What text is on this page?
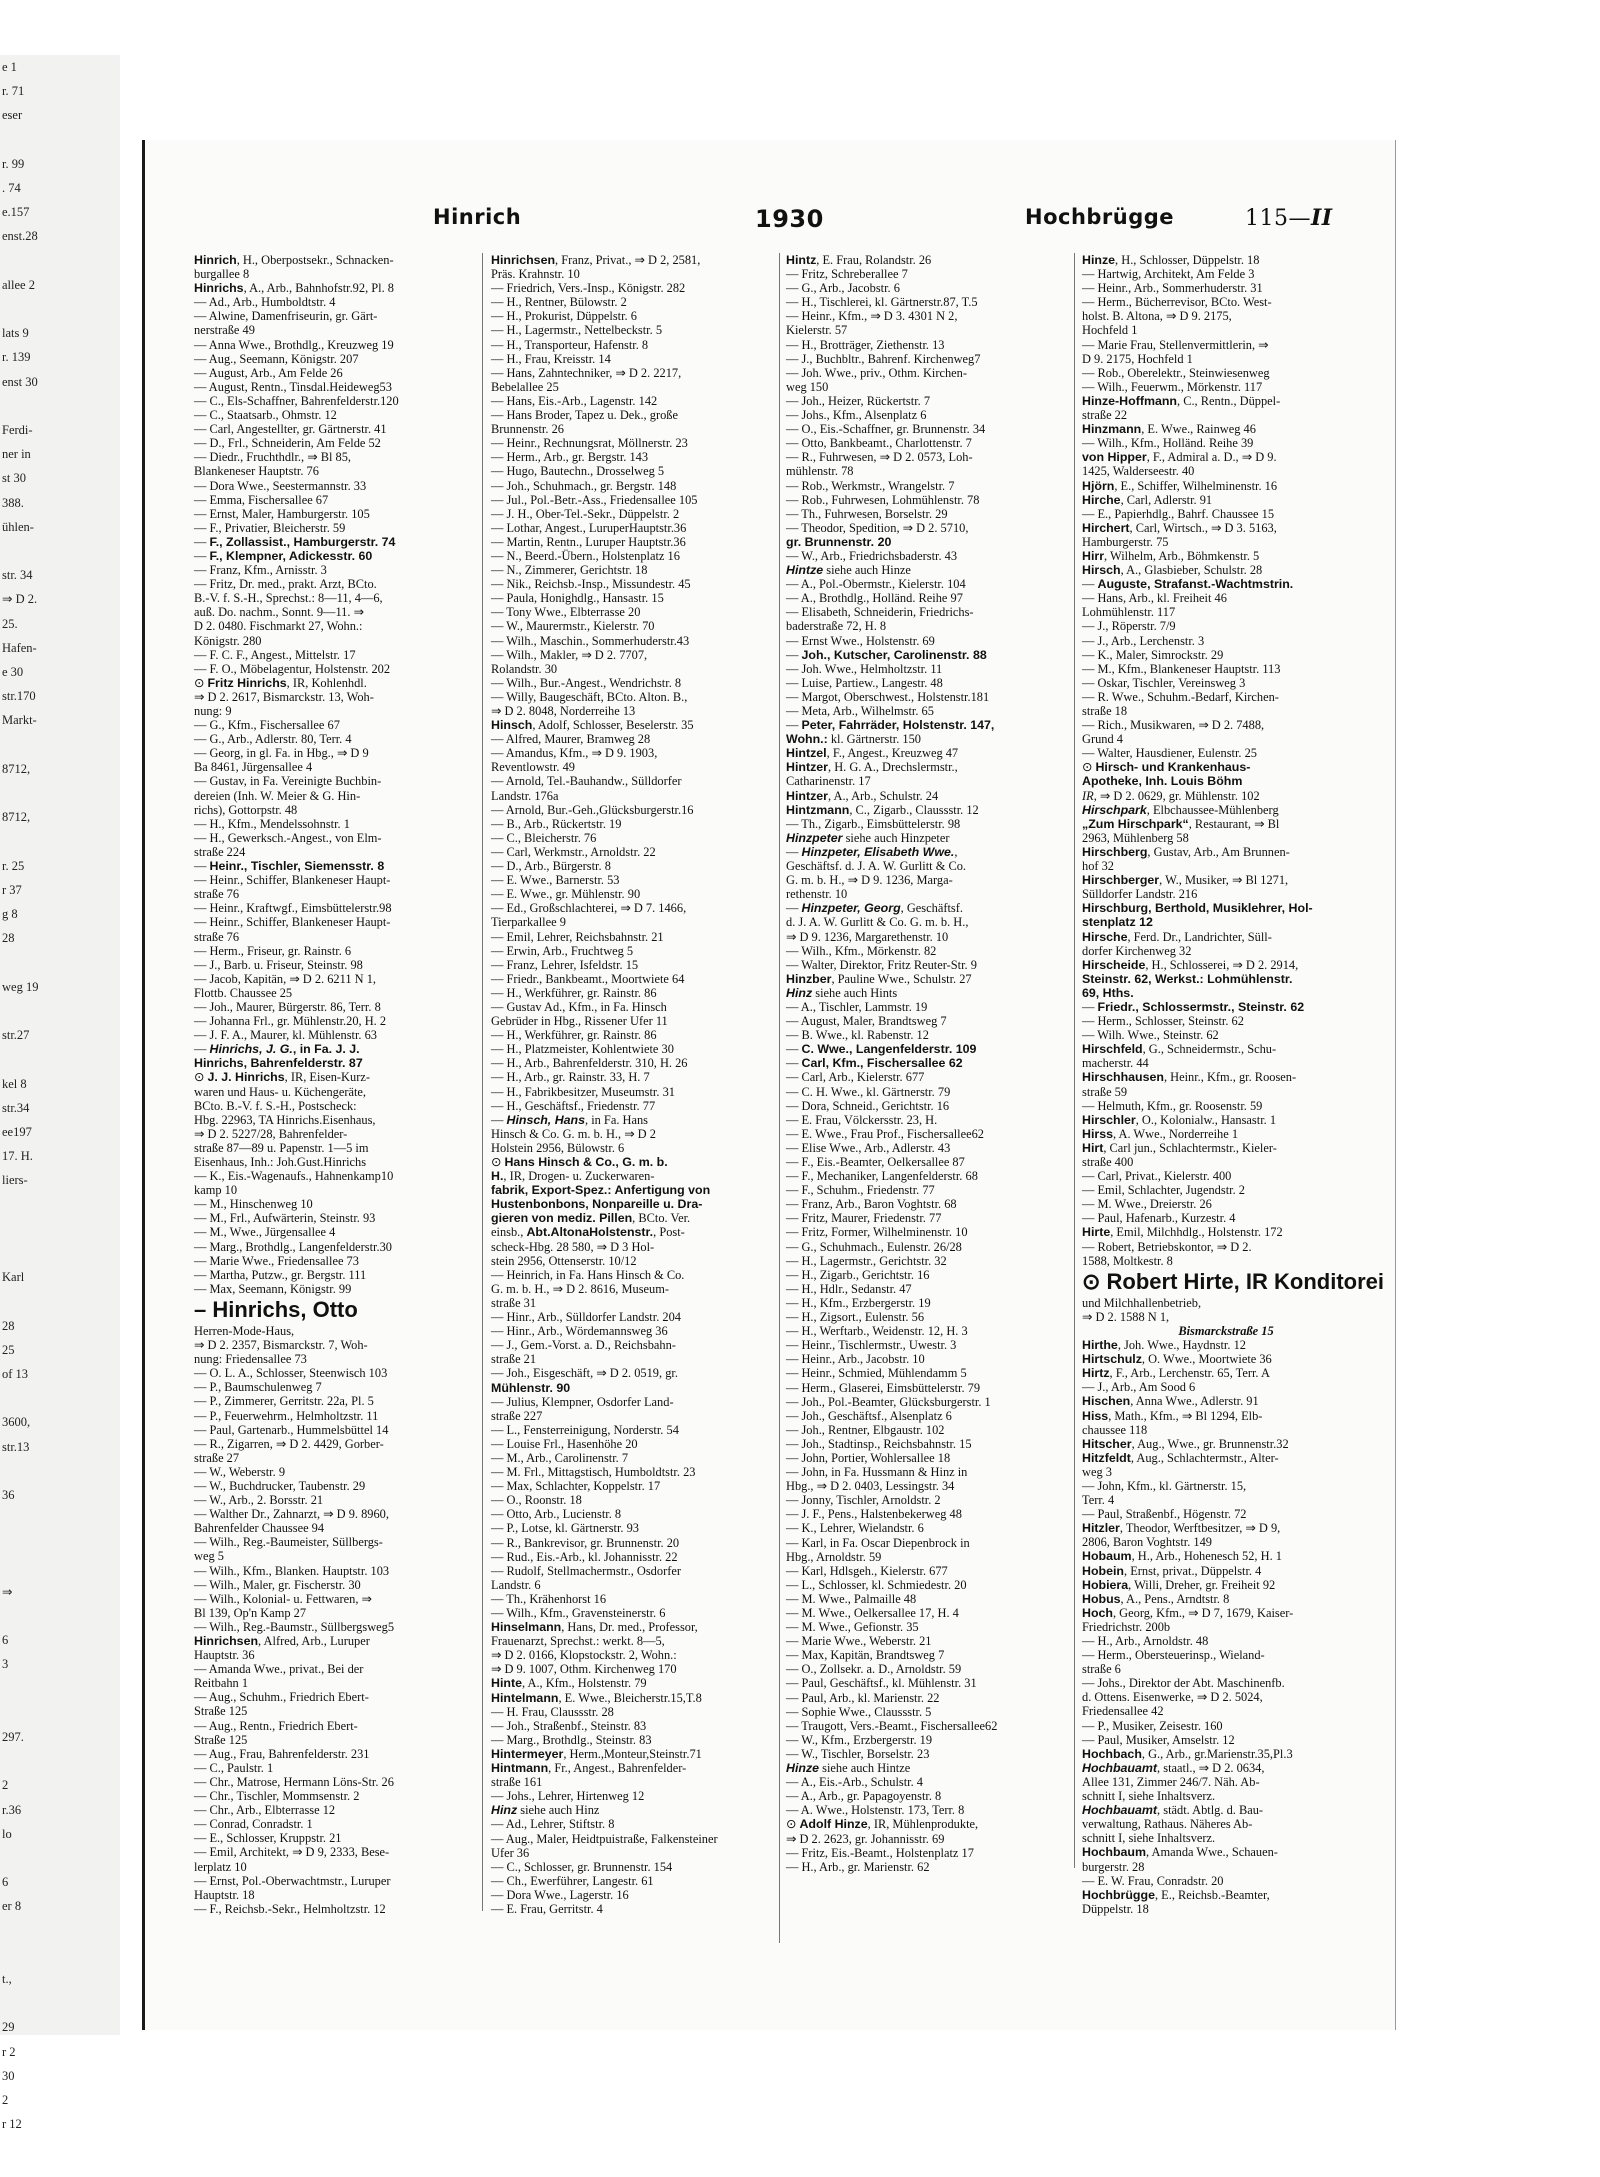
e 1
r. 71
eser

r. 99
. 74
e.157
enst.28

allee 2

lats 9
r. 139
enst 30

Ferdi-
ner in
st 30
388.
ühlen-

str. 34
⇒ D 2.
25.
Hafen-
e 30
str.170
Markt-

8712,

8712,

r. 25
r 37
g 8
28

weg 19

str.27

kel 8
str.34
ee197
17. H.
liers-

Karl

28
25
of 13

3600,
str.13

36

⇒

6
3

297.

2
r.36
lo

6
er 8

t.,

29
r 2
30
2
r 12
Hinrich	1930	Hochbrügge	115—II
Hinrich, H., Oberpostsekr., Schnacken-
burgallee 8
Hinrichs, A., Arb., Bahnhofstr.92, Pl. 8
— Ad., Arb., Humboldtstr. 4
— Alwine, Damenfriseurin, gr. Gärt-
nerstraße 49
— Anna Wwe., Brothdlg., Kreuzweg 19
— Aug., Seemann, Königstr. 207
— August, Arb., Am Felde 26
— August, Rentn., Tinsdal.Heideweg53
— C., Els-Schaffner, Bahrenfelderstr.120
— C., Staatsarb., Ohmstr. 12
— Carl, Angestellter, gr. Gärtnerstr. 41
— D., Frl., Schneiderin, Am Felde 52
— Diedr., Fruchthdlr., ⇒ Bl 85,
Blankeneser Hauptstr. 76
— Dora Wwe., Seestermannstr. 33
— Emma, Fischersallee 67
— Ernst, Maler, Hamburgerstr. 105
— F., Privatier, Bleicherstr. 59
— F., Zollassist., Hamburgerstr. 74
— F., Klempner, Adickesstr. 60
— Franz, Kfm., Arnisstr. 3
— Fritz, Dr. med., prakt. Arzt, BCto.
B.-V. f. S.-H., Sprechst.: 8—11, 4—6,
auß. Do. nachm., Sonnt. 9—11. ⇒
D 2. 0480. Fischmarkt 27, Wohn.:
Königstr. 280
— F. C. F., Angest., Mittelstr. 17
— F. O., Möbelagentur, Holstenstr. 202
⊙ Fritz Hinrichs, IR, Kohlenhdl.
⇒ D 2. 2617, Bismarckstr. 13, Woh-
nung: 9
— G., Kfm., Fischersallee 67
— G., Arb., Adlerstr. 80, Terr. 4
— Georg, in gl. Fa. in Hbg., ⇒ D 9
Ba 8461, Jürgensallee 4
— Gustav, in Fa. Vereinigte Buchbin-
dereien (Inh. W. Meier & G. Hin-
richs), Gottorpstr. 48
— H., Kfm., Mendelssohnstr. 1
— H., Gewerksch.-Angest., von Elm-
straße 224
— Heinr., Tischler, Siemensstr. 8
— Heinr., Schiffer, Blankeneser Haupt-
straße 76
— Heinr., Kraftwgf., Eimsbüttelerstr.98
— Heinr., Schiffer, Blankeneser Haupt-
straße 76
— Herm., Friseur, gr. Rainstr. 6
— J., Barb. u. Friseur, Steinstr. 98
— Jacob, Kapitän, ⇒ D 2. 6211 N 1,
Flottb. Chaussee 25
— Joh., Maurer, Bürgerstr. 86, Terr. 8
— Johanna Frl., gr. Mühlenstr.20, H. 2
— J. F. A., Maurer, kl. Mühlenstr. 63
— Hinrichs, J. G., in Fa. J. J.
Hinrichs, Bahrenfelderstr. 87
⊙ J. J. Hinrichs, IR, Eisen-Kurz-
waren und Haus- u. Küchengeräte,
BCto. B.-V. f. S.-H., Postscheck:
Hbg. 22963, TA Hinrichs.Eisenhaus,
⇒ D 2. 5227/28, Bahrenfelder-
straße 87—89 u. Papenstr. 1—5 im
Eisenhaus, Inh.: Joh.Gust.Hinrichs
— K., Eis.-Wagenaufs., Hahnenkamp10
kamp 10
— M., Hinschenweg 10
— M., Frl., Aufwärterin, Steinstr. 93
— M., Wwe., Jürgensallee 4
— Marg., Brothdlg., Langenfelderstr.30
— Marie Wwe., Friedensallee 73
— Martha, Putzw., gr. Bergstr. 111
— Max, Seemann, Königstr. 99
– Hinrichs, Otto
Herren-Mode-Haus,
⇒ D 2. 2357, Bismarckstr. 7, Woh-
nung: Friedensallee 73
— O. L. A., Schlosser, Steenwisch 103
— P., Baumschulenweg 7
— P., Zimmerer, Gerritstr. 22a, Pl. 5
— P., Feuerwehrm., Helmholtzstr. 11
— Paul, Gartenarb., Hummelsbüttel 14
— R., Zigarren, ⇒ D 2. 4429, Gorber-
straße 27
— W., Weberstr. 9
— W., Buchdrucker, Taubenstr. 29
— W., Arb., 2. Borsstr. 21
— Walther Dr., Zahnarzt, ⇒ D 9. 8960,
Bahrenfelder Chaussee 94
— Wilh., Reg.-Baumeister, Süllbergs-
weg 5
— Wilh., Kfm., Blanken. Hauptstr. 103
— Wilh., Maler, gr. Fischerstr. 30
— Wilh., Kolonial- u. Fettwaren, ⇒
Bl 139, Op'n Kamp 27
— Wilh., Reg.-Baumstr., Süllbergsweg5
Hinrichsen, Alfred, Arb., Luruper
Hauptstr. 36
— Amanda Wwe., privat., Bei der
Reitbahn 1
— Aug., Schuhm., Friedrich Ebert-
Straße 125
— Aug., Rentn., Friedrich Ebert-
Straße 125
— Aug., Frau, Bahrenfelderstr. 231
— C., Paulstr. 1
— Chr., Matrose, Hermann Löns-Str. 26
— Chr., Tischler, Mommsenstr. 2
— Chr., Arb., Elbterrasse 12
— Conrad, Conradstr. 1
— E., Schlosser, Kruppstr. 21
— Emil, Architekt, ⇒ D 9, 2333, Bese-
lerplatz 10
— Ernst, Pol.-Oberwachtmstr., Luruper
Hauptstr. 18
— F., Reichsb.-Sekr., Helmholtzstr. 12
Hinrichsen, Franz, Privat., ⇒ D 2, 2581,
Präs. Krahnstr. 10
— Friedrich, Vers.-Insp., Königstr. 282
— H., Rentner, Bülowstr. 2
— H., Prokurist, Düppelstr. 6
— H., Lagermstr., Nettelbeckstr. 5
— H., Transporteur, Hafenstr. 8
— H., Frau, Kreisstr. 14
— Hans, Zahntechniker, ⇒ D 2. 2217,
Bebelallee 25
— Hans, Eis.-Arb., Lagenstr. 142
— Hans Broder, Tapez u. Dek., große
Brunnenstr. 26
— Heinr., Rechnungsrat, Möllnerstr. 23
— Herm., Arb., gr. Bergstr. 143
— Hugo, Bautechn., Drosselweg 5
— Joh., Schuhmach., gr. Bergstr. 148
— Jul., Pol.-Betr.-Ass., Friedensallee 105
— J. H., Ober-Tel.-Sekr., Düppelstr. 2
— Lothar, Angest., LuruperHauptstr.36
— Martin, Rentn., Luruper Hauptstr.36
— N., Beerd.-Übern., Holstenplatz 16
— N., Zimmerer, Gerichtstr. 18
— Nik., Reichsb.-Insp., Missundestr. 45
— Paula, Honighdlg., Hansastr. 15
— Tony Wwe., Elbterrasse 20
— W., Maurermstr., Kielerstr. 70
— Wilh., Maschin., Sommerhuderstr.43
— Wilh., Makler, ⇒ D 2. 7707,
Rolandstr. 30
— Wilh., Bur.-Angest., Wendrichstr. 8
— Willy, Baugeschäft, BCto. Alton. B.,
⇒ D 2. 8048, Norderreihe 13
Hinsch, Adolf, Schlosser, Beselerstr. 35
— Alfred, Maurer, Bramweg 28
— Amandus, Kfm., ⇒ D 9. 1903,
Reventlowstr. 49
— Arnold, Tel.-Bauhandw., Sülldorfer
Landstr. 176a
— Arnold, Bur.-Geh.,Glücksburgerstr.16
— B., Arb., Rückertstr. 19
— C., Bleicherstr. 76
— Carl, Werkmstr., Arnoldstr. 22
— D., Arb., Bürgerstr. 8
— E. Wwe., Barnerstr. 53
— E. Wwe., gr. Mühlenstr. 90
— Ed., Großschlachterei, ⇒ D 7. 1466,
Tierparkallee 9
— Emil, Lehrer, Reichsbahnstr. 21
— Erwin, Arb., Fruchtweg 5
— Franz, Lehrer, Isfeldstr. 15
— Friedr., Bankbeamt., Moortwiete 64
— H., Werkführer, gr. Rainstr. 86
— Gustav Ad., Kfm., in Fa. Hinsch
Gebrüder in Hbg., Rissener Ufer 11
— H., Werkführer, gr. Rainstr. 86
— H., Platzmeister, Kohlentwiete 30
— H., Arb., Bahrenfelderstr. 310, H. 26
— H., Arb., gr. Rainstr. 33, H. 7
— H., Fabrikbesitzer, Museumstr. 31
— H., Geschäftsf., Friedenstr. 77
— Hinsch, Hans, in Fa. Hans
Hinsch & Co. G. m. b. H., ⇒ D 2
Holstein 2956, Bülowstr. 6
⊙ Hans Hinsch & Co., G. m. b.
H., IR, Drogen- u. Zuckerwaren-
fabrik, Export-Spez.: Anfertigung von
Hustenbonbons, Nonpareille u. Dra-
gieren von mediz. Pillen, BCto. Ver.
einsb., Abt.AltonaHolstenstr., Post-
scheck-Hbg. 28 580, ⇒ D 3 Hol-
stein 2956, Ottenserstr. 10/12
— Heinrich, in Fa. Hans Hinsch & Co.
G. m. b. H., ⇒ D 2. 8616, Museum-
straße 31
— Hinr., Arb., Sülldorfer Landstr. 204
— Hinr., Arb., Wördemannsweg 36
— J., Gem.-Vorst. a. D., Reichsbahn-
straße 21
— Joh., Eisgeschäft, ⇒ D 2. 0519, gr.
Mühlenstr. 90
— Julius, Klempner, Osdorfer Land-
straße 227
— L., Fensterreinigung, Norderstr. 54
— Louise Frl., Hasenhöhe 20
— M., Arb., Caroliпenstr. 7
— M. Frl., Mittagstisch, Humboldtstr. 23
— Max, Schlachter, Koppelstr. 17
— O., Roonstr. 18
— Otto, Arb., Lucienstr. 8
— P., Lotse, kl. Gärtnerstr. 93
— R., Bankrevisor, gr. Brunnenstr. 20
— Rud., Eis.-Arb., kl. Johannisstr. 22
— Rudolf, Stellmachermstr., Osdorfer
Landstr. 6
— Th., Krähenhorst 16
— Wilh., Kfm., Gravensteinerstr. 6
Hinselmann, Hans, Dr. med., Professor,
Frauenarzt, Sprechst.: werkt. 8—5,
⇒ D 2. 0166, Klopstockstr. 2, Wohn.:
⇒ D 9. 1007, Othm. Kirchenweg 170
Hinte, A., Kfm., Holstenstr. 79
Hintelmann, E. Wwe., Bleicherstr.15,T.8
— H. Frau, Claussstr. 28
— Joh., Straßenbf., Steinstr. 83
— Marg., Brothdlg., Steinstr. 83
Hintermeyer, Herm.,Monteur,Steinstr.71
Hintmann, Fr., Angest., Bahrenfelder-
straße 161
— Johs., Lehrer, Hirtenweg 12
Hinz siehe auch Hinz
— Ad., Lehrer, Stiftstr. 8
— Aug., Maler, Heidtpuistraße, Falkensteiner
Ufer 36
— C., Schlosser, gr. Brunnenstr. 154
— Ch., Ewerführer, Langestr. 61
— Dora Wwe., Lagerstr. 16
— E. Frau, Gerritstr. 4
Hintz, E. Frau, Rolandstr. 26
— Fritz, Schreberallee 7
— G., Arb., Jacobstr. 6
— H., Tischlerei, kl. Gärtnerstr.87, T.5
— Heinr., Kfm., ⇒ D 3. 4301 N 2,
Kielerstr. 57
— H., Brotträger, Ziethenstr. 13
— J., Buchbltr., Bahrenf. Kirchenweg7
— Joh. Wwe., priv., Othm. Kirchen-
weg 150
— Joh., Heizer, Rückertstr. 7
— Johs., Kfm., Alsenplatz 6
— O., Eis.-Schaffner, gr. Brunnenstr. 34
— Otto, Bankbeamt., Charlottenstr. 7
— R., Fuhrwesen, ⇒ D 2. 0573, Loh-
mühlenstr. 78
— Rob., Werkmstr., Wrangelstr. 7
— Rob., Fuhrwesen, Lohmühlenstr. 78
— Th., Fuhrwesen, Borselstr. 29
— Theodor, Spedition, ⇒ D 2. 5710,
gr. Brunnenstr. 20
— W., Arb., Friedrichsbaderstr. 43
Hintze siehe auch Hinze
— A., Pol.-Obermstr., Kielerstr. 104
— A., Brothdlg., Holländ. Reihe 97
— Elisabeth, Schneiderin, Friedrichs-
baderstraße 72, H. 8
— Ernst Wwe., Holstenstr. 69
— Joh., Kutscher, Carolinenstr. 88
— Joh. Wwe., Helmholtzstr. 11
— Luise, Partiew., Langestr. 48
— Margot, Oberschwest., Holstenstr.181
— Meta, Arb., Wilhelmstr. 65
— Peter, Fahrräder, Holstenstr. 147,
Wohn.: kl. Gärtnerstr. 150
Hintzel, F., Angest., Kreuzweg 47
Hintzer, H. G. A., Drechslermstr.,
Catharinenstr. 17
Hintzer, A., Arb., Schulstr. 24
Hintzmann, C., Zigarb., Claussstr. 12
— Th., Zigarb., Eimsbüttelerstr. 98
Hinzpeter siehe auch Hinzpeter
— Hinzpeter, Elisabeth Wwe.,
Geschäftsf. d. J. A. W. Gurlitt & Co.
G. m. b. H., ⇒ D 9. 1236, Marga-
rethenstr. 10
— Hinzpeter, Georg, Geschäftsf.
d. J. A. W. Gurlitt & Co. G. m. b. H.,
⇒ D 9. 1236, Margarethenstr. 10
— Wilh., Kfm., Mörkenstr. 82
— Walter, Direktor, Fritz Reuter-Str. 9
Hinzber, Pauline Wwe., Schulstr. 27
Hinz siehe auch Hints
— A., Tischler, Lammstr. 19
— August, Maler, Brandtsweg 7
— B. Wwe., kl. Rabenstr. 12
— C. Wwe., Langenfelderstr. 109
— Carl, Kfm., Fischersallee 62
— Carl, Arb., Kielerstr. 677
— C. H. Wwe., kl. Gärtnerstr. 79
— Dora, Schneid., Gerichtstr. 16
— E. Frau, Völckersstr. 23, H.
— E. Wwe., Frau Prof., Fischersallee62
— Elise Wwe., Arb., Adlerstr. 43
— F., Eis.-Beamter, Oelkersallee 87
— F., Mechaniker, Langenfelderstr. 68
— F., Schuhm., Friedenstr. 77
— Franz, Arb., Baron Voghtstr. 68
— Fritz, Maurer, Friedenstr. 77
— Fritz, Former, Wilhelminenstr. 10
— G., Schuhmach., Eulenstr. 26/28
— H., Lagermstr., Gerichtstr. 32
— H., Zigarb., Gerichtstr. 16
— H., Hdlr., Sedanstr. 47
— H., Kfm., Erzbergerstr. 19
— H., Zigsort., Eulenstr. 56
— H., Werftarb., Weidenstr. 12, H. 3
— Heinr., Tischlermstr., Uwestr. 3
— Heinr., Arb., Jacobstr. 10
— Heinr., Schmied, Mühlendamm 5
— Herm., Glaserei, Eimsbüttelerstr. 79
— Joh., Pol.-Beamter, Glücksburgerstr. 1
— Joh., Geschäftsf., Alsenplatz 6
— Joh., Rentner, Elbgaustr. 102
— Joh., Stadtinsp., Reichsbahnstr. 15
— John, Portier, Wohlersallee 18
— John, in Fa. Hussmann & Hinz in
Hbg., ⇒ D 2. 0403, Lessingstr. 34
— Jonny, Tischler, Arnoldstr. 2
— J. F., Pens., Halstenbekerweg 48
— K., Lehrer, Wielandstr. 6
— Karl, in Fa. Oscar Diepenbrock in
Hbg., Arnoldstr. 59
— Karl, Hdlsgeh., Kielerstr. 677
— L., Schlosser, kl. Schmiedestr. 20
— M. Wwe., Palmaille 48
— M. Wwe., Oelkersallee 17, H. 4
— M. Wwe., Gefionstr. 35
— Marie Wwe., Weberstr. 21
— Max, Kapitän, Brandtsweg 7
— O., Zollsekr. a. D., Arnoldstr. 59
— Paul, Geschäftsf., kl. Mühlenstr. 31
— Paul, Arb., kl. Marienstr. 22
— Sophie Wwe., Claussstr. 5
— Traugott, Vers.-Beamt., Fischersallee62
— W., Kfm., Erzbergerstr. 19
— W., Tischler, Borselstr. 23
Hinze siehe auch Hintze
— A., Eis.-Arb., Schulstr. 4
— A., Arb., gr. Papagoyenstr. 8
— A. Wwe., Holstenstr. 173, Terr. 8
⊙ Adolf Hinze, IR, Mühlenprodukte,
⇒ D 2. 2623, gr. Johannisstr. 69
— Fritz, Eis.-Beamt., Holstenplatz 17
— H., Arb., gr. Marienstr. 62
Hinze, H., Schlosser, Düppelstr. 18
— Hartwig, Architekt, Am Felde 3
— Heinr., Arb., Sommerhuderstr. 31
— Herm., Bücherrevisor, BCto. West-
holst. B. Altona, ⇒ D 9. 2175,
Hochfeld 1
— Marie Frau, Stellenvermittlerin, ⇒
D 9. 2175, Hochfeld 1
— Rob., Oberelektr., Steinwiesenweg
— Wilh., Feuerwm., Mörkenstr. 117
Hinze-Hoffmann, C., Rentn., Düppel-
straße 22
Hinzmann, E. Wwe., Rainweg 46
— Wilh., Kfm., Holländ. Reihe 39
von Hipper, F., Admiral a. D., ⇒ D 9.
1425, Walderseestr. 40
Hjörn, E., Schiffer, Wilhelminenstr. 16
Hirche, Carl, Adlerstr. 91
— E., Papierhdlg., Bahrf. Chaussee 15
Hirchert, Carl, Wirtsch., ⇒ D 3. 5163,
Hamburgerstr. 75
Hirr, Wilhelm, Arb., Böhmkenstr. 5
Hirsch, A., Glasbieber, Schulstr. 28
— Auguste, Strafanst.-Wachtmstrin.
— Hans, Arb., kl. Freiheit 46
Lohmühlenstr. 117
— J., Röperstr. 7/9
— J., Arb., Lerchenstr. 3
— K., Maler, Simrockstr. 29
— M., Kfm., Blankeneser Hauptstr. 113
— Oskar, Tischler, Vereinsweg 3
— R. Wwe., Schuhm.-Bedarf, Kirchen-
straße 18
— Rich., Musikwaren, ⇒ D 2. 7488,
Grund 4
— Walter, Hausdiener, Eulenstr. 25
⊙ Hirsch- und Krankenhaus-
Apotheke, Inh. Louis Böhm
IR, ⇒ D 2. 0629, gr. Mühlenstr. 102
Hirschpark, Elbchaussee-Mühlenberg
„Zum Hirschpark“, Restaurant, ⇒ Bl
2963, Mühlenberg 58
Hirschberg, Gustav, Arb., Am Brunnen-
hof 32
Hirschberger, W., Musiker, ⇒ Bl 1271,
Sülldorfer Landstr. 216
Hirschburg, Berthold, Musiklehrer, Hol-
stenplatz 12
Hirsche, Ferd. Dr., Landrichter, Süll-
dorfer Kirchenweg 32
Hirscheide, H., Schlosserei, ⇒ D 2. 2914,
Steinstr. 62, Werkst.: Lohmühlenstr.
69, Hths.
— Friedr., Schlossermstr., Steinstr. 62
— Herm., Schlosser, Steinstr. 62
— Wilh. Wwe., Steinstr. 62
Hirschfeld, G., Schneidermstr., Schu-
macherstr. 44
Hirschhausen, Heinr., Kfm., gr. Roosen-
straße 59
— Helmuth, Kfm., gr. Roosenstr. 59
Hirschler, O., Kolonialw., Hansastr. 1
Hirss, A. Wwe., Norderreihe 1
Hirt, Carl jun., Schlachtermstr., Kieler-
straße 400
— Carl, Privat., Kielerstr. 400
— Emil, Schlachter, Jugendstr. 2
— M. Wwe., Dreierstr. 26
— Paul, Hafenarb., Kurzestr. 4
Hirte, Emil, Milchhdlg., Holstenstr. 172
— Robert, Betriebskontor, ⇒ D 2.
1588, Moltkestr. 8
⊙ Robert Hirte, IR Konditorei
und Milchhallenbetrieb,
⇒ D 2. 1588 N 1,
Bismarckstraße 15
Hirthe, Joh. Wwe., Haydnstr. 12
Hirtschulz, O. Wwe., Moortwiete 36
Hirtz, F., Arb., Lerchenstr. 65, Terr. A
— J., Arb., Am Sood 6
Hischen, Anna Wwe., Adlerstr. 91
Hiss, Math., Kfm., ⇒ Bl 1294, Elb-
chaussee 118
Hitscher, Aug., Wwe., gr. Brunnenstr.32
Hitzfeldt, Aug., Schlachtermstr., Alter-
weg 3
— John, Kfm., kl. Gärtnerstr. 15,
Terr. 4
— Paul, Straßenbf., Högenstr. 72
Hitzler, Theodor, Werftbesitzer, ⇒ D 9,
2806, Baron Voghtstr. 149
Hobaum, H., Arb., Hohenesch 52, H. 1
Hobein, Ernst, privat., Düppelstr. 4
Hobiera, Willi, Dreher, gr. Freiheit 92
Hobus, A., Pens., Arndtstr. 8
Hoch, Georg, Kfm., ⇒ D 7, 1679, Kaiser-
Friedrichstr. 200b
— H., Arb., Arnoldstr. 48
— Herm., Obersteuerinsp., Wieland-
straße 6
— Johs., Direktor der Abt. Maschinenfb.
d. Ottens. Eisenwerke, ⇒ D 2. 5024,
Friedensallee 42
— P., Musiker, Zeisestr. 160
— Paul, Musiker, Amselstr. 12
Hochbach, G., Arb., gr.Marienstr.35,Pl.3
Hochbauamt, staatl., ⇒ D 2. 0634,
Allee 131, Zimmer 246/7. Näh. Ab-
schnitt I, siehe Inhaltsverz.
Hochbauamt, städt. Abtlg. d. Bau-
verwaltung, Rathaus. Näheres Ab-
schnitt I, siehe Inhaltsverz.
Hochbaum, Amanda Wwe., Schauen-
burgerstr. 28
— E. W. Frau, Conradstr. 20
Hochbrügge, E., Reichsb.-Beamter,
Düppelstr. 18
